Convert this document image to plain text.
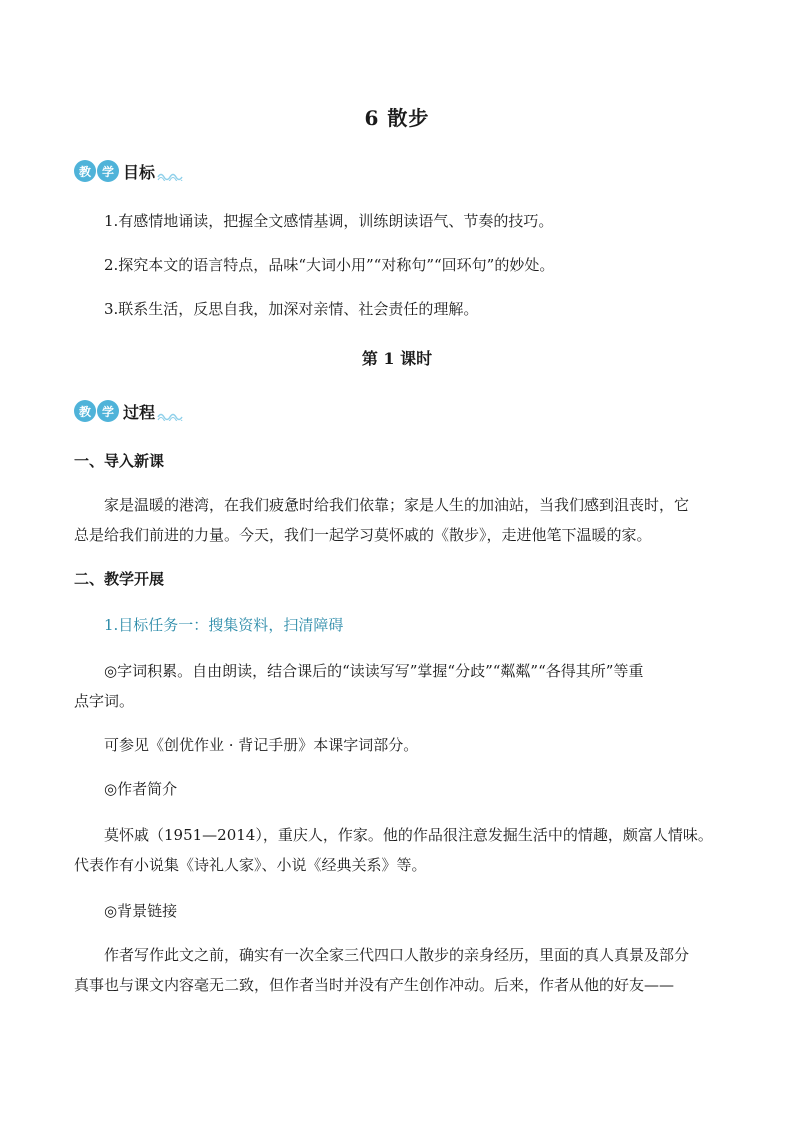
6 散步
教 学 目标
1.有感情地诵读，把握全文感情基调，训练朗读语气、节奏的技巧。
2.探究本文的语言特点，品味“大词小用”“对称句”“回环句”的妙处。
3.联系生活，反思自我，加深对亲情、社会责任的理解。
第 1 课时
教 学 过程
一、导入新课
家是温暖的港湾，在我们疲惫时给我们依靠；家是人生的加油站，当我们感到沮丧时，它
总是给我们前进的力量。今天，我们一起学习莫怀戚的《散步》，走进他笔下温暖的家。
二、教学开展
1.目标任务一：搜集资料，扫清障碍
◎字词积累。自由朗读，结合课后的“读读写写”掌握“分歧”“粼粼”“各得其所”等重
点字词。
可参见《创优作业 · 背记手册》本课字词部分。
◎作者简介
莫怀戚（1951—2014），重庆人，作家。他的作品很注意发掘生活中的情趣，颇富人情味。
代表作有小说集《诗礼人家》、小说《经典关系》等。
◎背景链接
作者写作此文之前，确实有一次全家三代四口人散步的亲身经历，里面的真人真景及部分
真事也与课文内容毫无二致，但作者当时并没有产生创作冲动。后来，作者从他的好友——
